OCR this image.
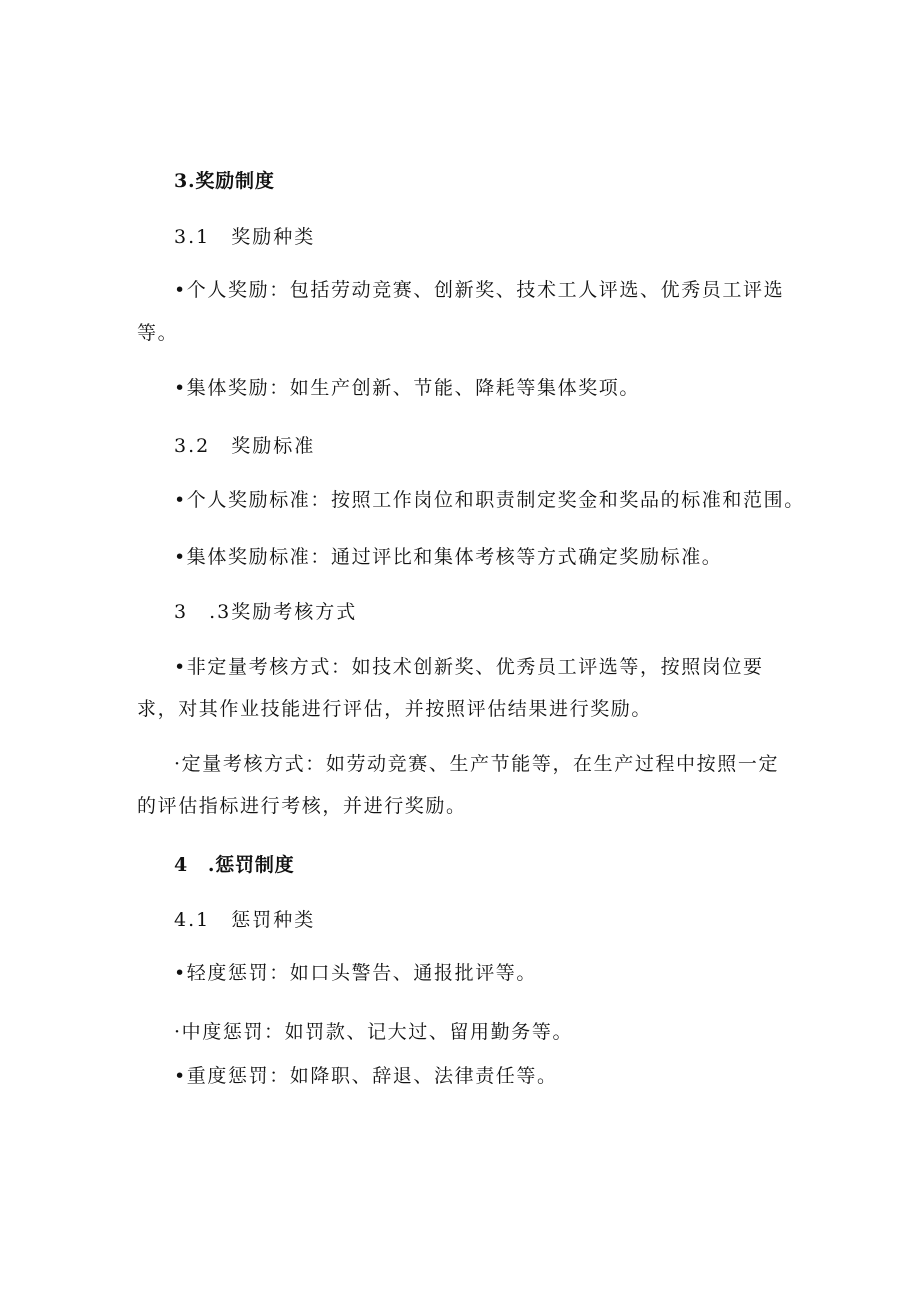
3.奖励制度
3.1　奖励种类
•个人奖励：包括劳动竞赛、创新奖、技术工人评选、优秀员工评选
等。
•集体奖励：如生产创新、节能、降耗等集体奖项。
3.2　奖励标准
•个人奖励标准：按照工作岗位和职责制定奖金和奖品的标准和范围。
•集体奖励标准：通过评比和集体考核等方式确定奖励标准。
3　.3奖励考核方式
•非定量考核方式：如技术创新奖、优秀员工评选等，按照岗位要
求，对其作业技能进行评估，并按照评估结果进行奖励。
·定量考核方式：如劳动竞赛、生产节能等，在生产过程中按照一定
的评估指标进行考核，并进行奖励。
4　.惩罚制度
4.1　惩罚种类
•轻度惩罚：如口头警告、通报批评等。
·中度惩罚：如罚款、记大过、留用勤务等。
•重度惩罚：如降职、辞退、法律责任等。
